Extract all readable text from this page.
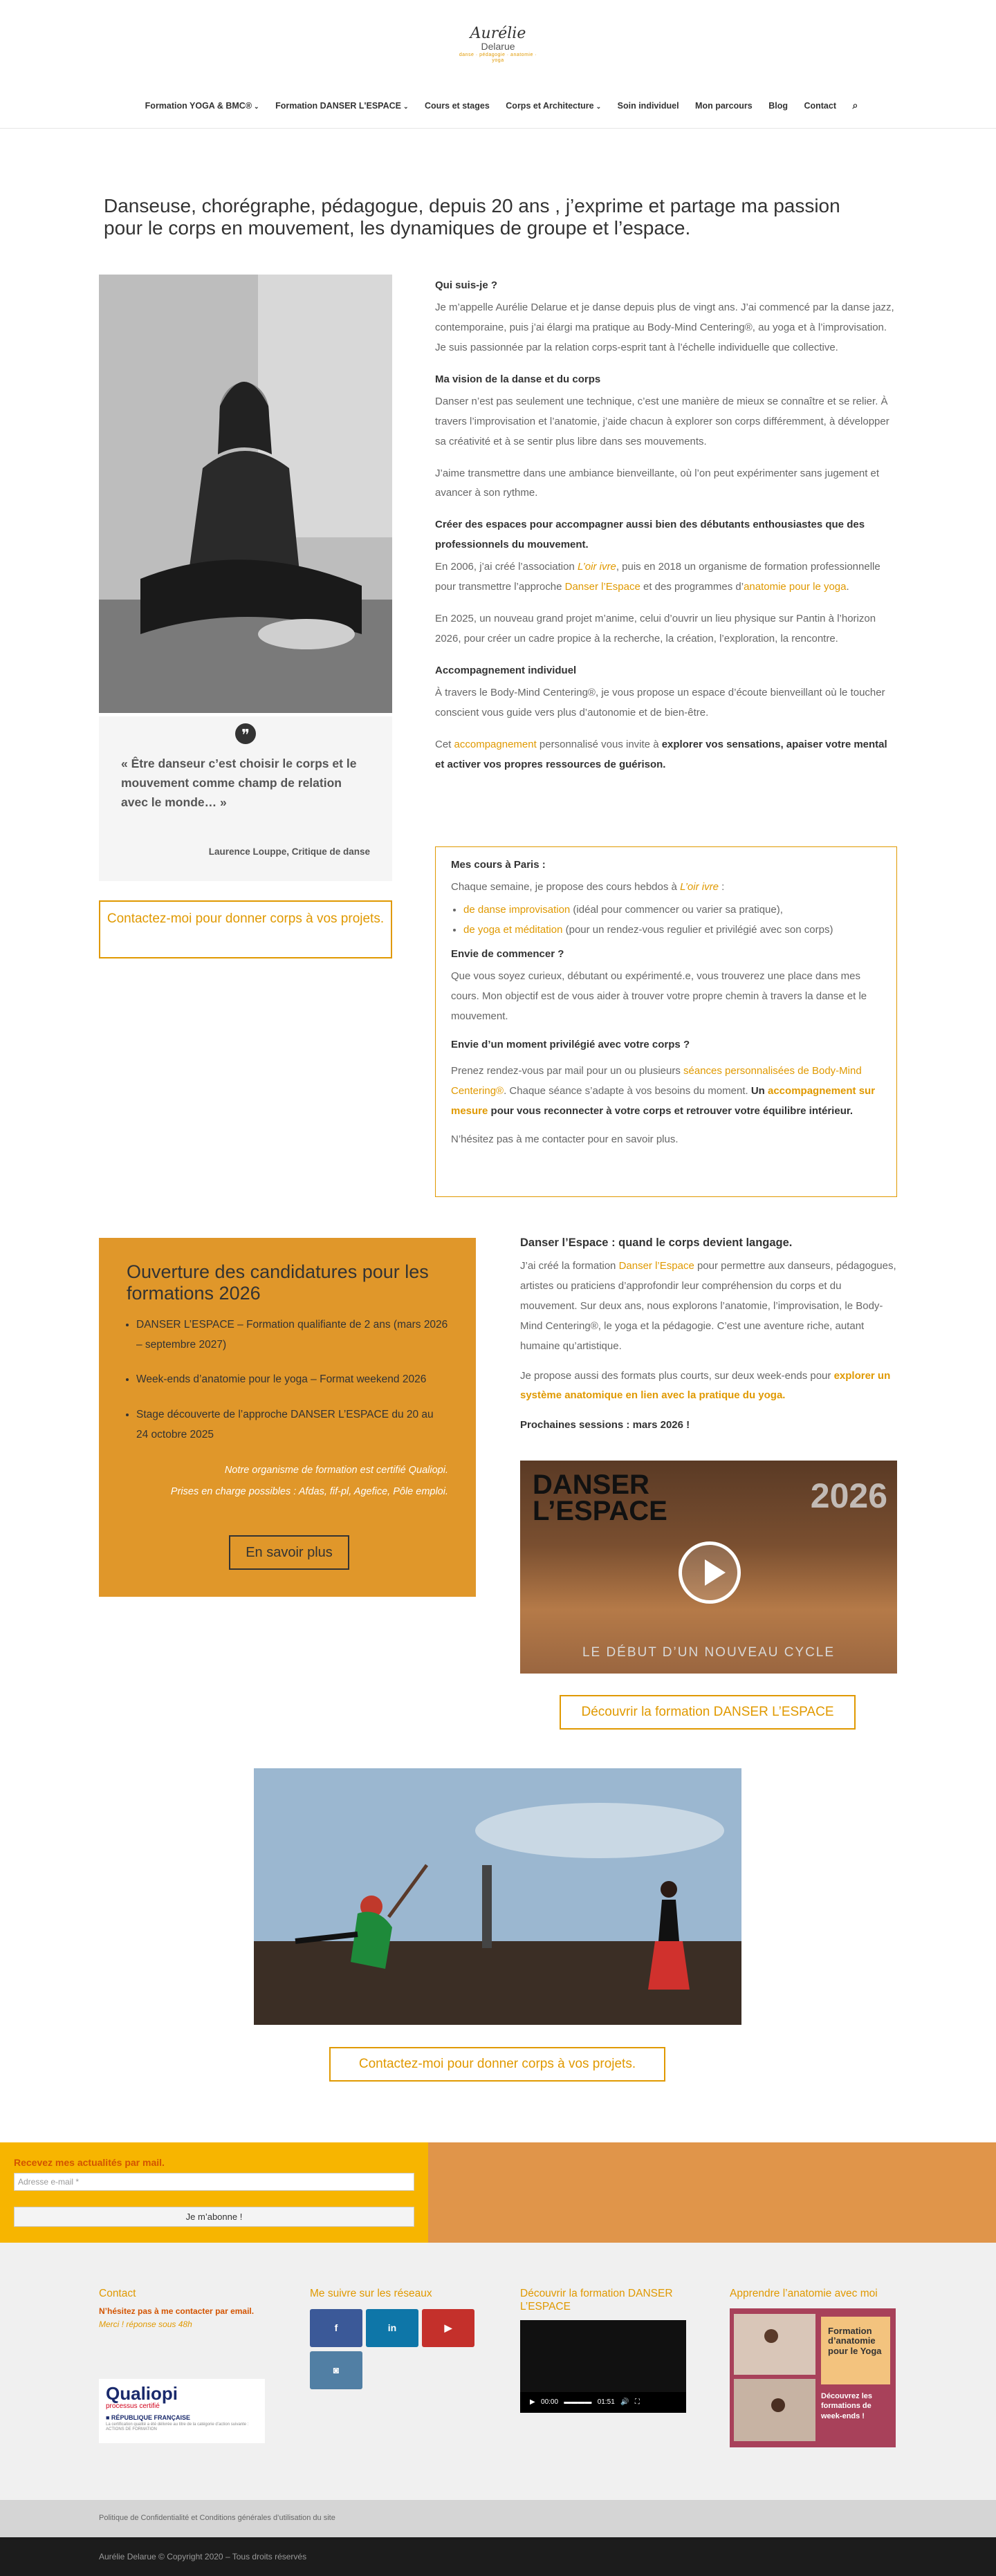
Aurélie
Delarue
danse · pédagogie · anatomie · yoga
Formation YOGA & BMC® ⌄ Formation DANSER L'ESPACE ⌄ Cours et stages Corps et Architecture ⌄ Soin individuel Mon parcours Blog Contact ⌕
Danseuse, chorégraphe, pédagogue, depuis 20 ans , j’exprime et partage ma passion pour le corps en mouvement, les dynamiques de groupe et l’espace.
❞
« Être danseur c’est choisir le corps et le mouvement comme champ de relation avec le monde… »
Laurence Louppe, Critique de danse
Contactez-moi pour donner corps à vos projets.
Qui suis-je ?

Je m’appelle Aurélie Delarue et je danse depuis plus de vingt ans. J’ai commencé par la danse jazz, contemporaine, puis j’ai élargi ma pratique au Body-Mind Centering®, au yoga et à l’improvisation. Je suis passionnée par la relation corps-esprit tant à l’échelle individuelle que collective.

Ma vision de la danse et du corps

Danser n’est pas seulement une technique, c’est une manière de mieux se connaître et se relier. À travers l’improvisation et l’anatomie, j’aide chacun à explorer son corps différemment, à développer sa créativité et à se sentir plus libre dans ses mouvements.

J’aime transmettre dans une ambiance bienveillante, où l’on peut expérimenter sans jugement et avancer à son rythme.

Créer des espaces pour accompagner aussi bien des débutants enthousiastes que des professionnels du mouvement.

En 2006, j’ai créé l’association L’oir ivre, puis en 2018 un organisme de formation professionnelle pour transmettre l’approche Danser l’Espace et des programmes d’anatomie pour le yoga.

En 2025, un nouveau grand projet m’anime, celui d’ouvrir un lieu physique sur Pantin à l’horizon 2026, pour créer un cadre propice à la recherche, la création, l’exploration, la rencontre.

Accompagnement individuel

À travers le Body-Mind Centering®, je vous propose un espace d’écoute bienveillant où le toucher conscient vous guide vers plus d’autonomie et de bien-être.

Cet accompagnement personnalisé vous invite à explorer vos sensations, apaiser votre mental et activer vos propres ressources de guérison.

Mes cours à Paris :

Chaque semaine, je propose des cours hebdos à L’oir ivre :

• de danse improvisation (idéal pour commencer ou varier sa pratique),
• de yoga et méditation (pour un rendez-vous regulier et privilégié avec son corps)
Envie de commencer ?

Que vous soyez curieux, débutant ou expérimenté.e, vous trouverez une place dans mes cours. Mon objectif est de vous aider à trouver votre propre chemin à travers la danse et le mouvement.

Envie d’un moment privilégié avec votre corps ?

Prenez rendez-vous par mail pour un ou plusieurs séances personnalisées de Body-Mind Centering®. Chaque séance s’adapte à vos besoins du moment. Un accompagnement sur mesure pour vous reconnecter à votre corps et retrouver votre équilibre intérieur.

N’hésitez pas à me contacter pour en savoir plus.

Ouverture des candidatures pour les formations 2026
• DANSER L’ESPACE – Formation qualifiante de 2 ans (mars 2026 – septembre 2027)
• Week-ends d’anatomie pour le yoga – Format weekend 2026
• Stage découverte de l’approche DANSER L’ESPACE du 20 au 24 octobre 2025
Notre organisme de formation est certifié Qualiopi.
Prises en charge possibles : Afdas, fif-pl, Agefice, Pôle emploi.
En savoir plus
Danser l’Espace : quand le corps devient langage.

J’ai créé la formation Danser l’Espace pour permettre aux danseurs, pédagogues, artistes ou praticiens d’approfondir leur compréhension du corps et du mouvement. Sur deux ans, nous explorons l’anatomie, l’improvisation, le Body-Mind Centering®, le yoga et la pédagogie. C’est une aventure riche, autant humaine qu’artistique.

Je propose aussi des formats plus courts, sur deux week-ends pour explorer un système anatomique en lien avec la pratique du yoga.

Prochaines sessions : mars 2026 !

DANSER
L’ESPACE	2026
LE DÉBUT D’UN NOUVEAU CYCLE
Découvrir la formation DANSER L’ESPACE
Contactez-moi pour donner corps à vos projets.
Recevez mes actualités par mail.
Adresse e-mail *
Je m’abonne !
Contact
N’hésitez pas à me contacter par email.
Merci ! réponse sous 48h
Me suivre sur les réseaux
f	in	▶
◙
Découvrir la formation DANSER L’ESPACE
▶   00:00   ▬▬▬▬   01:51   🔊   ⛶
Apprendre l’anatomie avec moi
Formation d’anatomie pour le Yoga
Découvrez les formations de week-ends !
Qualiopi
processus certifié
■ RÉPUBLIQUE FRANÇAISE
La certification qualité a été délivrée au titre de la catégorie d’action suivante : ACTIONS DE FORMATION
Politique de Confidentialité et Conditions générales d’utilisation du site
Aurélie Delarue © Copyright 2020 – Tous droits réservés
